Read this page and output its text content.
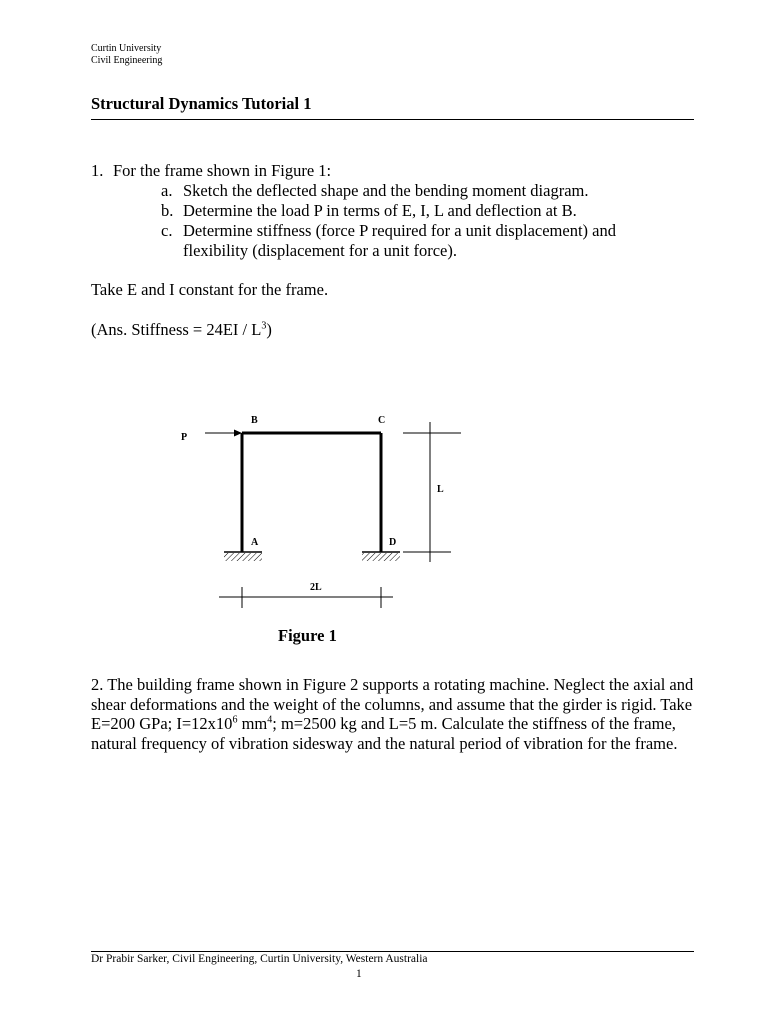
Curtin University
Civil Engineering
Structural Dynamics Tutorial 1
1. For the frame shown in Figure 1:
a. Sketch the deflected shape and the bending moment diagram.
b. Determine the load P in terms of E, I, L and deflection at B.
c. Determine stiffness (force P required for a unit displacement) and flexibility (displacement for a unit force).
Take E and I constant for the frame.
(Ans. Stiffness = $24EI / L^3$)
B	C
P
L
A	D
2L
Figure 1
2. The building frame shown in Figure 2 supports a rotating machine. Neglect the axial and shear deformations and the weight of the columns, and assume that the girder is rigid. Take E=200 GPa; $I=12x10^6$ $mm^4$; m=2500 kg and L=5 m. Calculate the stiffness of the frame, natural frequency of vibration sidesway and the natural period of vibration for the frame.
Dr Prabir Sarker, Civil Engineering, Curtin University, Western Australia
1
